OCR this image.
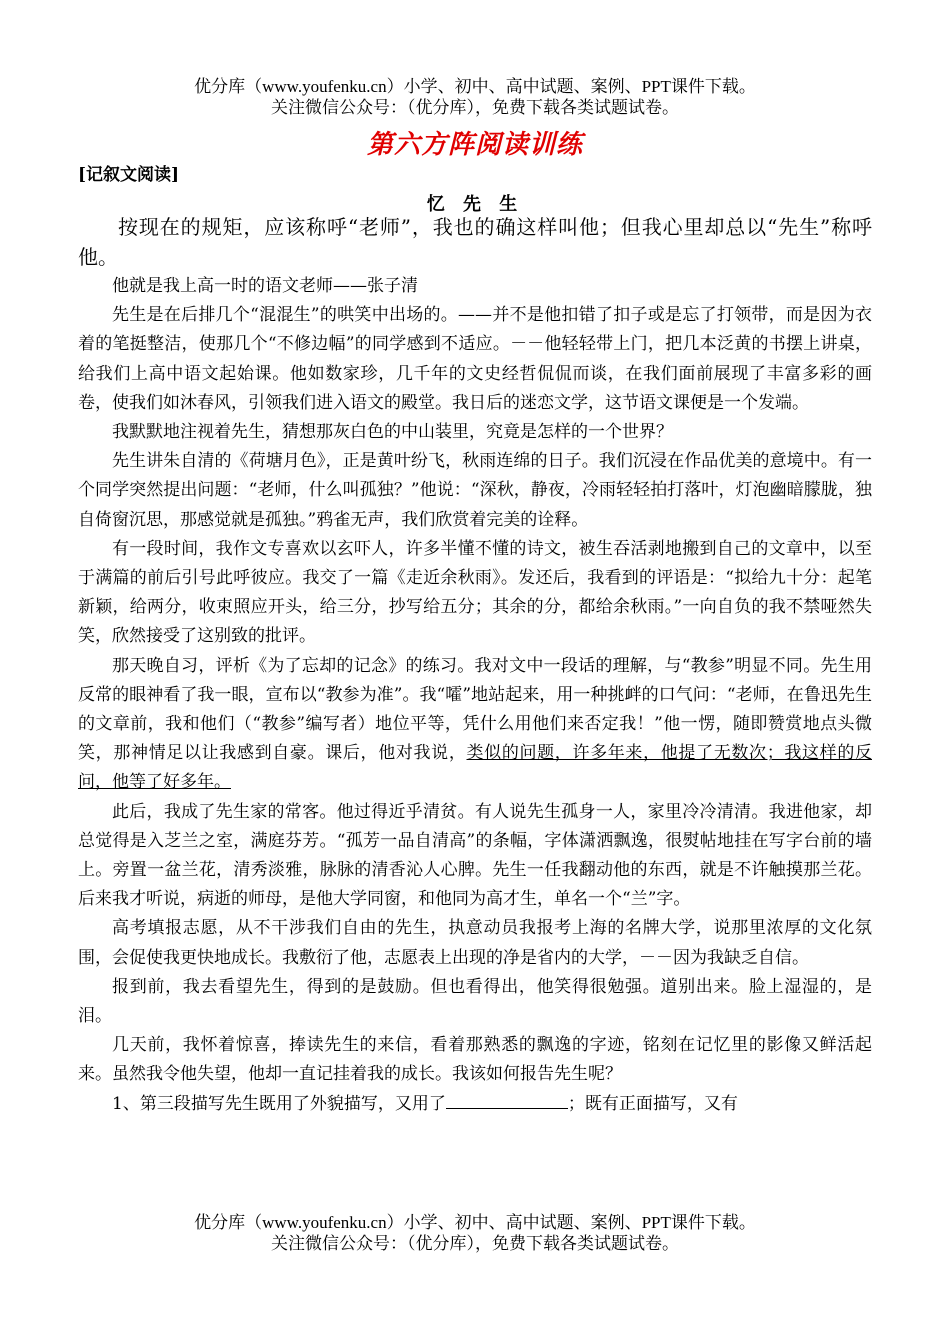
优分库（www.youfenku.cn）小学、初中、高中试题、案例、PPT课件下载。
关注微信公众号：（优分库），免费下载各类试题试卷。
第六方阵阅读训练
[记叙文阅读]
忆 先 生

按现在的规矩，应该称呼“老师”，我也的确这样叫他；但我心里却总以“先生”称呼他。

他就是我上高一时的语文老师——张子清

先生是在后排几个“混混生”的哄笑中出场的。——并不是他扣错了扣子或是忘了打领带，而是因为衣着的笔挺整洁，使那几个“不修边幅”的同学感到不适应。－－他轻轻带上门，把几本泛黄的书摆上讲桌，给我们上高中语文起始课。他如数家珍，几千年的文史经哲侃侃而谈，在我们面前展现了丰富多彩的画卷，使我们如沐春风，引领我们进入语文的殿堂。我日后的迷恋文学，这节语文课便是一个发端。

我默默地注视着先生，猜想那灰白色的中山装里，究竟是怎样的一个世界？

先生讲朱自清的《荷塘月色》，正是黄叶纷飞，秋雨连绵的日子。我们沉浸在作品优美的意境中。有一个同学突然提出问题：“老师，什么叫孤独？”他说：“深秋，静夜，冷雨轻轻拍打落叶，灯泡幽暗朦胧，独自倚窗沉思，那感觉就是孤独。”鸦雀无声，我们欣赏着完美的诠释。

有一段时间，我作文专喜欢以玄吓人，许多半懂不懂的诗文，被生吞活剥地搬到自己的文章中，以至于满篇的前后引号此呼彼应。我交了一篇《走近余秋雨》。发还后，我看到的评语是：“拟给九十分：起笔新颖，给两分，收束照应开头，给三分，抄写给五分；其余的分，都给余秋雨。”一向自负的我不禁哑然失笑，欣然接受了这别致的批评。

那天晚自习，评析《为了忘却的记念》的练习。我对文中一段话的理解，与“教参”明显不同。先生用反常的眼神看了我一眼，宣布以“教参为准”。我“嚯”地站起来，用一种挑衅的口气问：“老师，在鲁迅先生的文章前，我和他们（“教参”编写者）地位平等，凭什么用他们来否定我！”他一愣，随即赞赏地点头微笑，那神情足以让我感到自豪。课后，他对我说，类似的问题，许多年来，他提了无数次；我这样的反问，他等了好多年。

此后，我成了先生家的常客。他过得近乎清贫。有人说先生孤身一人，家里冷冷清清。我进他家，却总觉得是入芝兰之室，满庭芬芳。“孤芳一品自清高”的条幅，字体潇洒飘逸，很熨帖地挂在写字台前的墙上。旁置一盆兰花，清秀淡雅，脉脉的清香沁人心脾。先生一任我翻动他的东西，就是不许触摸那兰花。后来我才听说，病逝的师母，是他大学同窗，和他同为高才生，单名一个“兰”字。

高考填报志愿，从不干涉我们自由的先生，执意动员我报考上海的名牌大学，说那里浓厚的文化氛围，会促使我更快地成长。我敷衍了他，志愿表上出现的净是省内的大学，－－因为我缺乏自信。

报到前，我去看望先生，得到的是鼓励。但也看得出，他笑得很勉强。道别出来。脸上湿湿的，是泪。

几天前，我怀着惊喜，捧读先生的来信，看着那熟悉的飘逸的字迹，铭刻在记忆里的影像又鲜活起来。虽然我令他失望，他却一直记挂着我的成长。我该如何报告先生呢？

1、第三段描写先生既用了外貌描写，又用了	；既有正面描写，又有

优分库（www.youfenku.cn）小学、初中、高中试题、案例、PPT课件下载。
关注微信公众号：（优分库），免费下载各类试题试卷。
